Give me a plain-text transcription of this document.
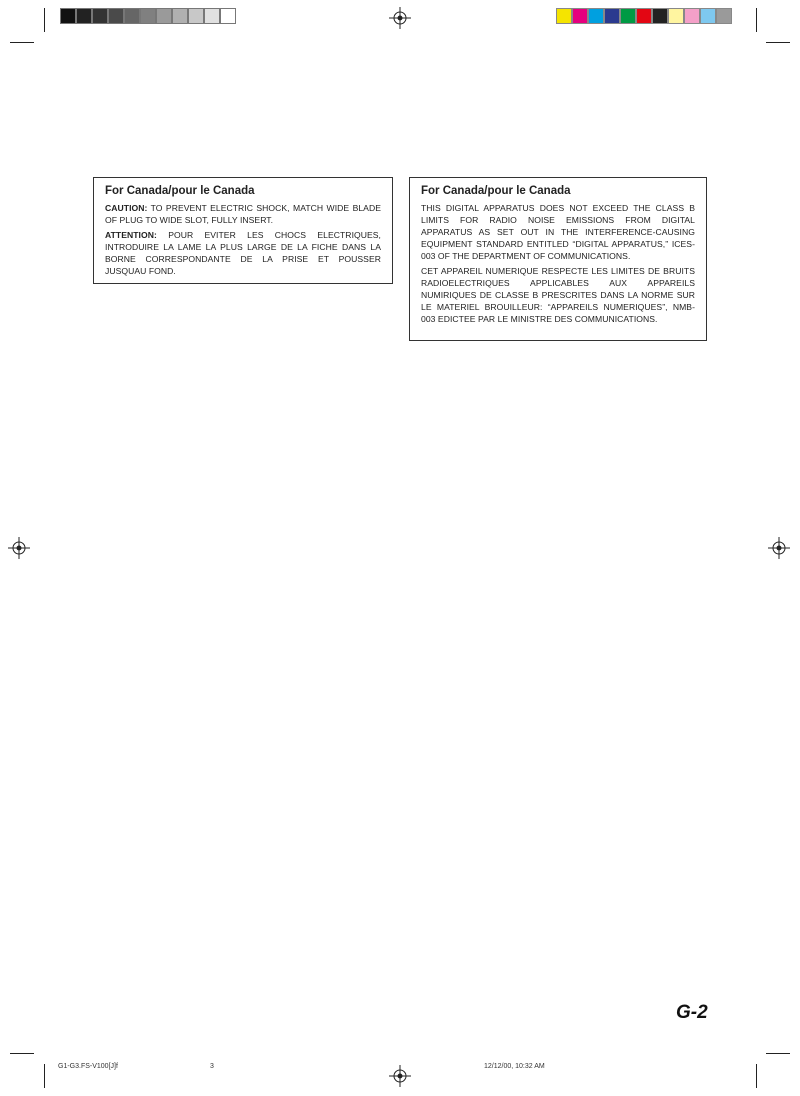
For Canada/pour le Canada

CAUTION: TO PREVENT ELECTRIC SHOCK, MATCH WIDE BLADE OF PLUG TO WIDE SLOT, FULLY INSERT.

ATTENTION: POUR EVITER LES CHOCS ELECTRIQUES, INTRODUIRE LA LAME LA PLUS LARGE DE LA FICHE DANS LA BORNE CORRESPONDANTE DE LA PRISE ET POUSSER JUSQUAU FOND.

For Canada/pour le Canada

THIS DIGITAL APPARATUS DOES NOT EXCEED THE CLASS B LIMITS FOR RADIO NOISE EMISSIONS FROM DIGITAL APPARATUS AS SET OUT IN THE INTERFERENCE-CAUSING EQUIPMENT STANDARD ENTITLED “DIGITAL APPARATUS,” ICES-003 OF THE DEPARTMENT OF COMMUNICATIONS.

CET APPAREIL NUMERIQUE RESPECTE LES LIMITES DE BRUITS RADIOELECTRIQUES APPLICABLES AUX APPAREILS NUMIRIQUES DE CLASSE B PRESCRITES DANS LA NORME SUR LE MATERIEL BROUILLEUR: “APPAREILS NUMERIQUES”, NMB-003 EDICTEE PAR LE MINISTRE DES COMMUNICATIONS.

G-2
G1-G3.FS-V100[J]f	3	12/12/00, 10:32 AM
